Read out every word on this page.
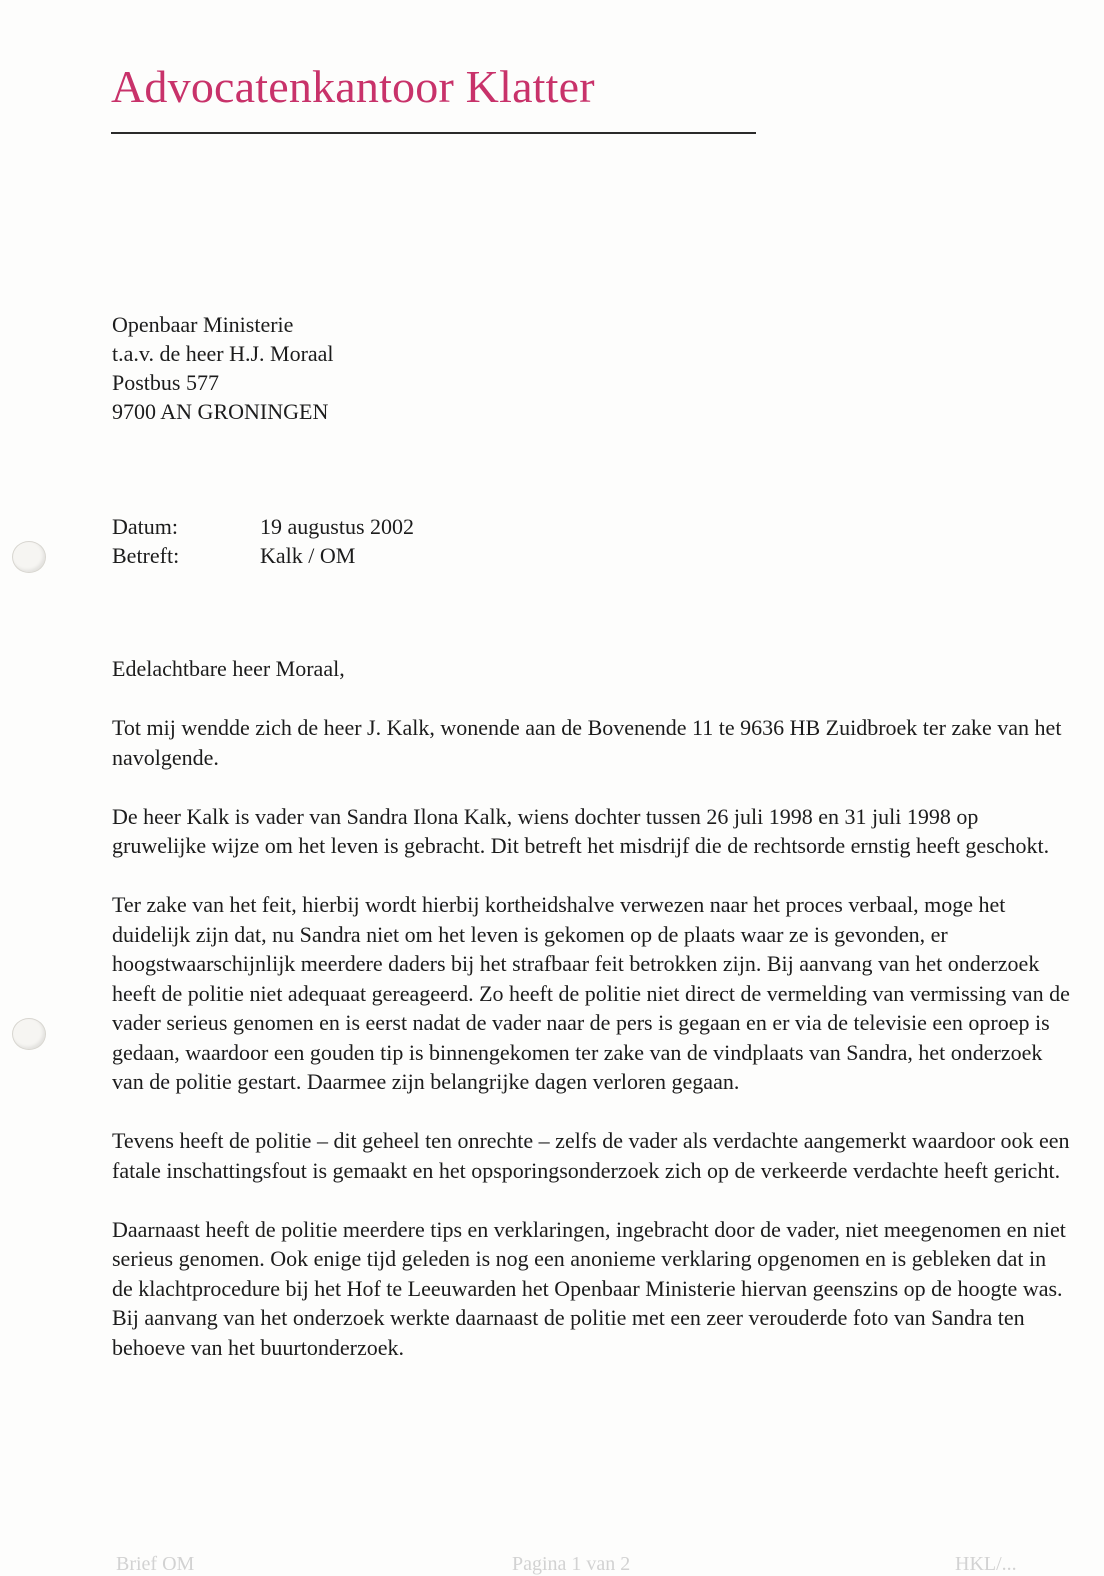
Advocatenkantoor Klatter
Openbaar Ministerie
t.a.v. de heer H.J. Moraal
Postbus 577
9700 AN GRONINGEN
Datum:	19 augustus 2002
Betreft:	Kalk / OM

Edelachtbare heer Moraal,

Tot mij wendde zich de heer J. Kalk, wonende aan de Bovenende 11 te 9636 HB Zuidbroek ter zake van het navolgende.

De heer Kalk is vader van Sandra Ilona Kalk, wiens dochter tussen 26 juli 1998 en 31 juli 1998 op gruwelijke wijze om het leven is gebracht. Dit betreft het misdrijf die de rechtsorde ernstig heeft geschokt.

Ter zake van het feit, hierbij wordt hierbij kortheidshalve verwezen naar het proces verbaal, moge het duidelijk zijn dat, nu Sandra niet om het leven is gekomen op de plaats waar ze is gevonden, er hoogstwaarschijnlijk meerdere daders bij het strafbaar feit betrokken zijn. Bij aanvang van het onderzoek heeft de politie niet adequaat gereageerd. Zo heeft de politie niet direct de vermelding van vermissing van de vader serieus genomen en is eerst nadat de vader naar de pers is gegaan en er via de televisie een oproep is gedaan, waardoor een gouden tip is binnengekomen ter zake van de vindplaats van Sandra, het onderzoek van de politie gestart. Daarmee zijn belangrijke dagen verloren gegaan.

Tevens heeft de politie – dit geheel ten onrechte – zelfs de vader als verdachte aangemerkt waardoor ook een fatale inschattingsfout is gemaakt en het opsporingsonderzoek zich op de verkeerde verdachte heeft gericht.

Daarnaast heeft de politie meerdere tips en verklaringen, ingebracht door de vader, niet meegenomen en niet serieus genomen. Ook enige tijd geleden is nog een anonieme verklaring opgenomen en is gebleken dat in de klachtprocedure bij het Hof te Leeuwarden het Openbaar Ministerie hiervan geenszins op de hoogte was. Bij aanvang van het onderzoek werkte daarnaast de politie met een zeer verouderde foto van Sandra ten behoeve van het buurtonderzoek.

Brief OM	Pagina 1 van 2	HKL/...
